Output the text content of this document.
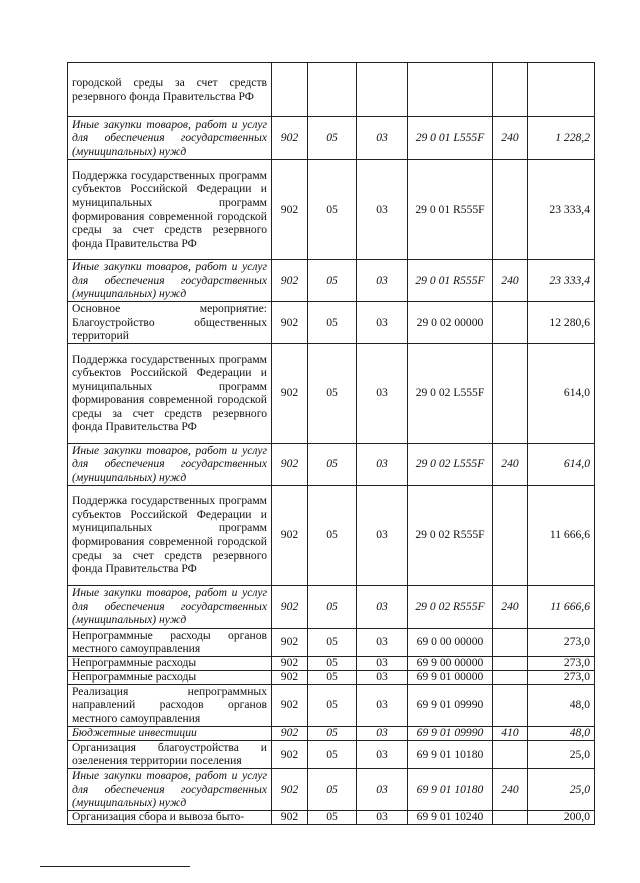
городской среды за счет средств резервного фонда Правительства РФ						
Иные закупки товаров, работ и услуг для обеспечения государственных (муниципальных) нужд	902	05	03	29 0 01 L555F	240	1 228,2
Поддержка государственных программ субъектов Российской Федерации и муниципальных программ формирования современной городской среды за счет средств резервного фонда Правительства РФ	902	05	03	29 0 01 R555F		23 333,4
Иные закупки товаров, работ и услуг для обеспечения государственных (муниципальных) нужд	902	05	03	29 0 01 R555F	240	23 333,4
Основное мероприятие: Благоустройство общественных территорий	902	05	03	29 0 02 00000		12 280,6
Поддержка государственных программ субъектов Российской Федерации и муниципальных программ формирования современной городской среды за счет средств резервного фонда Правительства РФ	902	05	03	29 0 02 L555F		614,0
Иные закупки товаров, работ и услуг для обеспечения государственных (муниципальных) нужд	902	05	03	29 0 02 L555F	240	614,0
Поддержка государственных программ субъектов Российской Федерации и муниципальных программ формирования современной городской среды за счет средств резервного фонда Правительства РФ	902	05	03	29 0 02 R555F		11 666,6
Иные закупки товаров, работ и услуг для обеспечения государственных (муниципальных) нужд	902	05	03	29 0 02 R555F	240	11 666,6
Непрограммные расходы органов местного самоуправления	902	05	03	69 0 00 00000		273,0
Непрограммные расходы	902	05	03	69 9 00 00000		273,0
Непрограммные расходы	902	05	03	69 9 01 00000		273,0
Реализация непрограммных направлений расходов органов местного самоуправления	902	05	03	69 9 01 09990		48,0
Бюджетные инвестиции	902	05	03	69 9 01 09990	410	48,0
Организация благоустройства и озеленения территории поселения	902	05	03	69 9 01 10180		25,0
Иные закупки товаров, работ и услуг для обеспечения государственных (муниципальных) нужд	902	05	03	69 9 01 10180	240	25,0
Организация сбора и вывоза быто-	902	05	03	69 9 01 10240		200,0
